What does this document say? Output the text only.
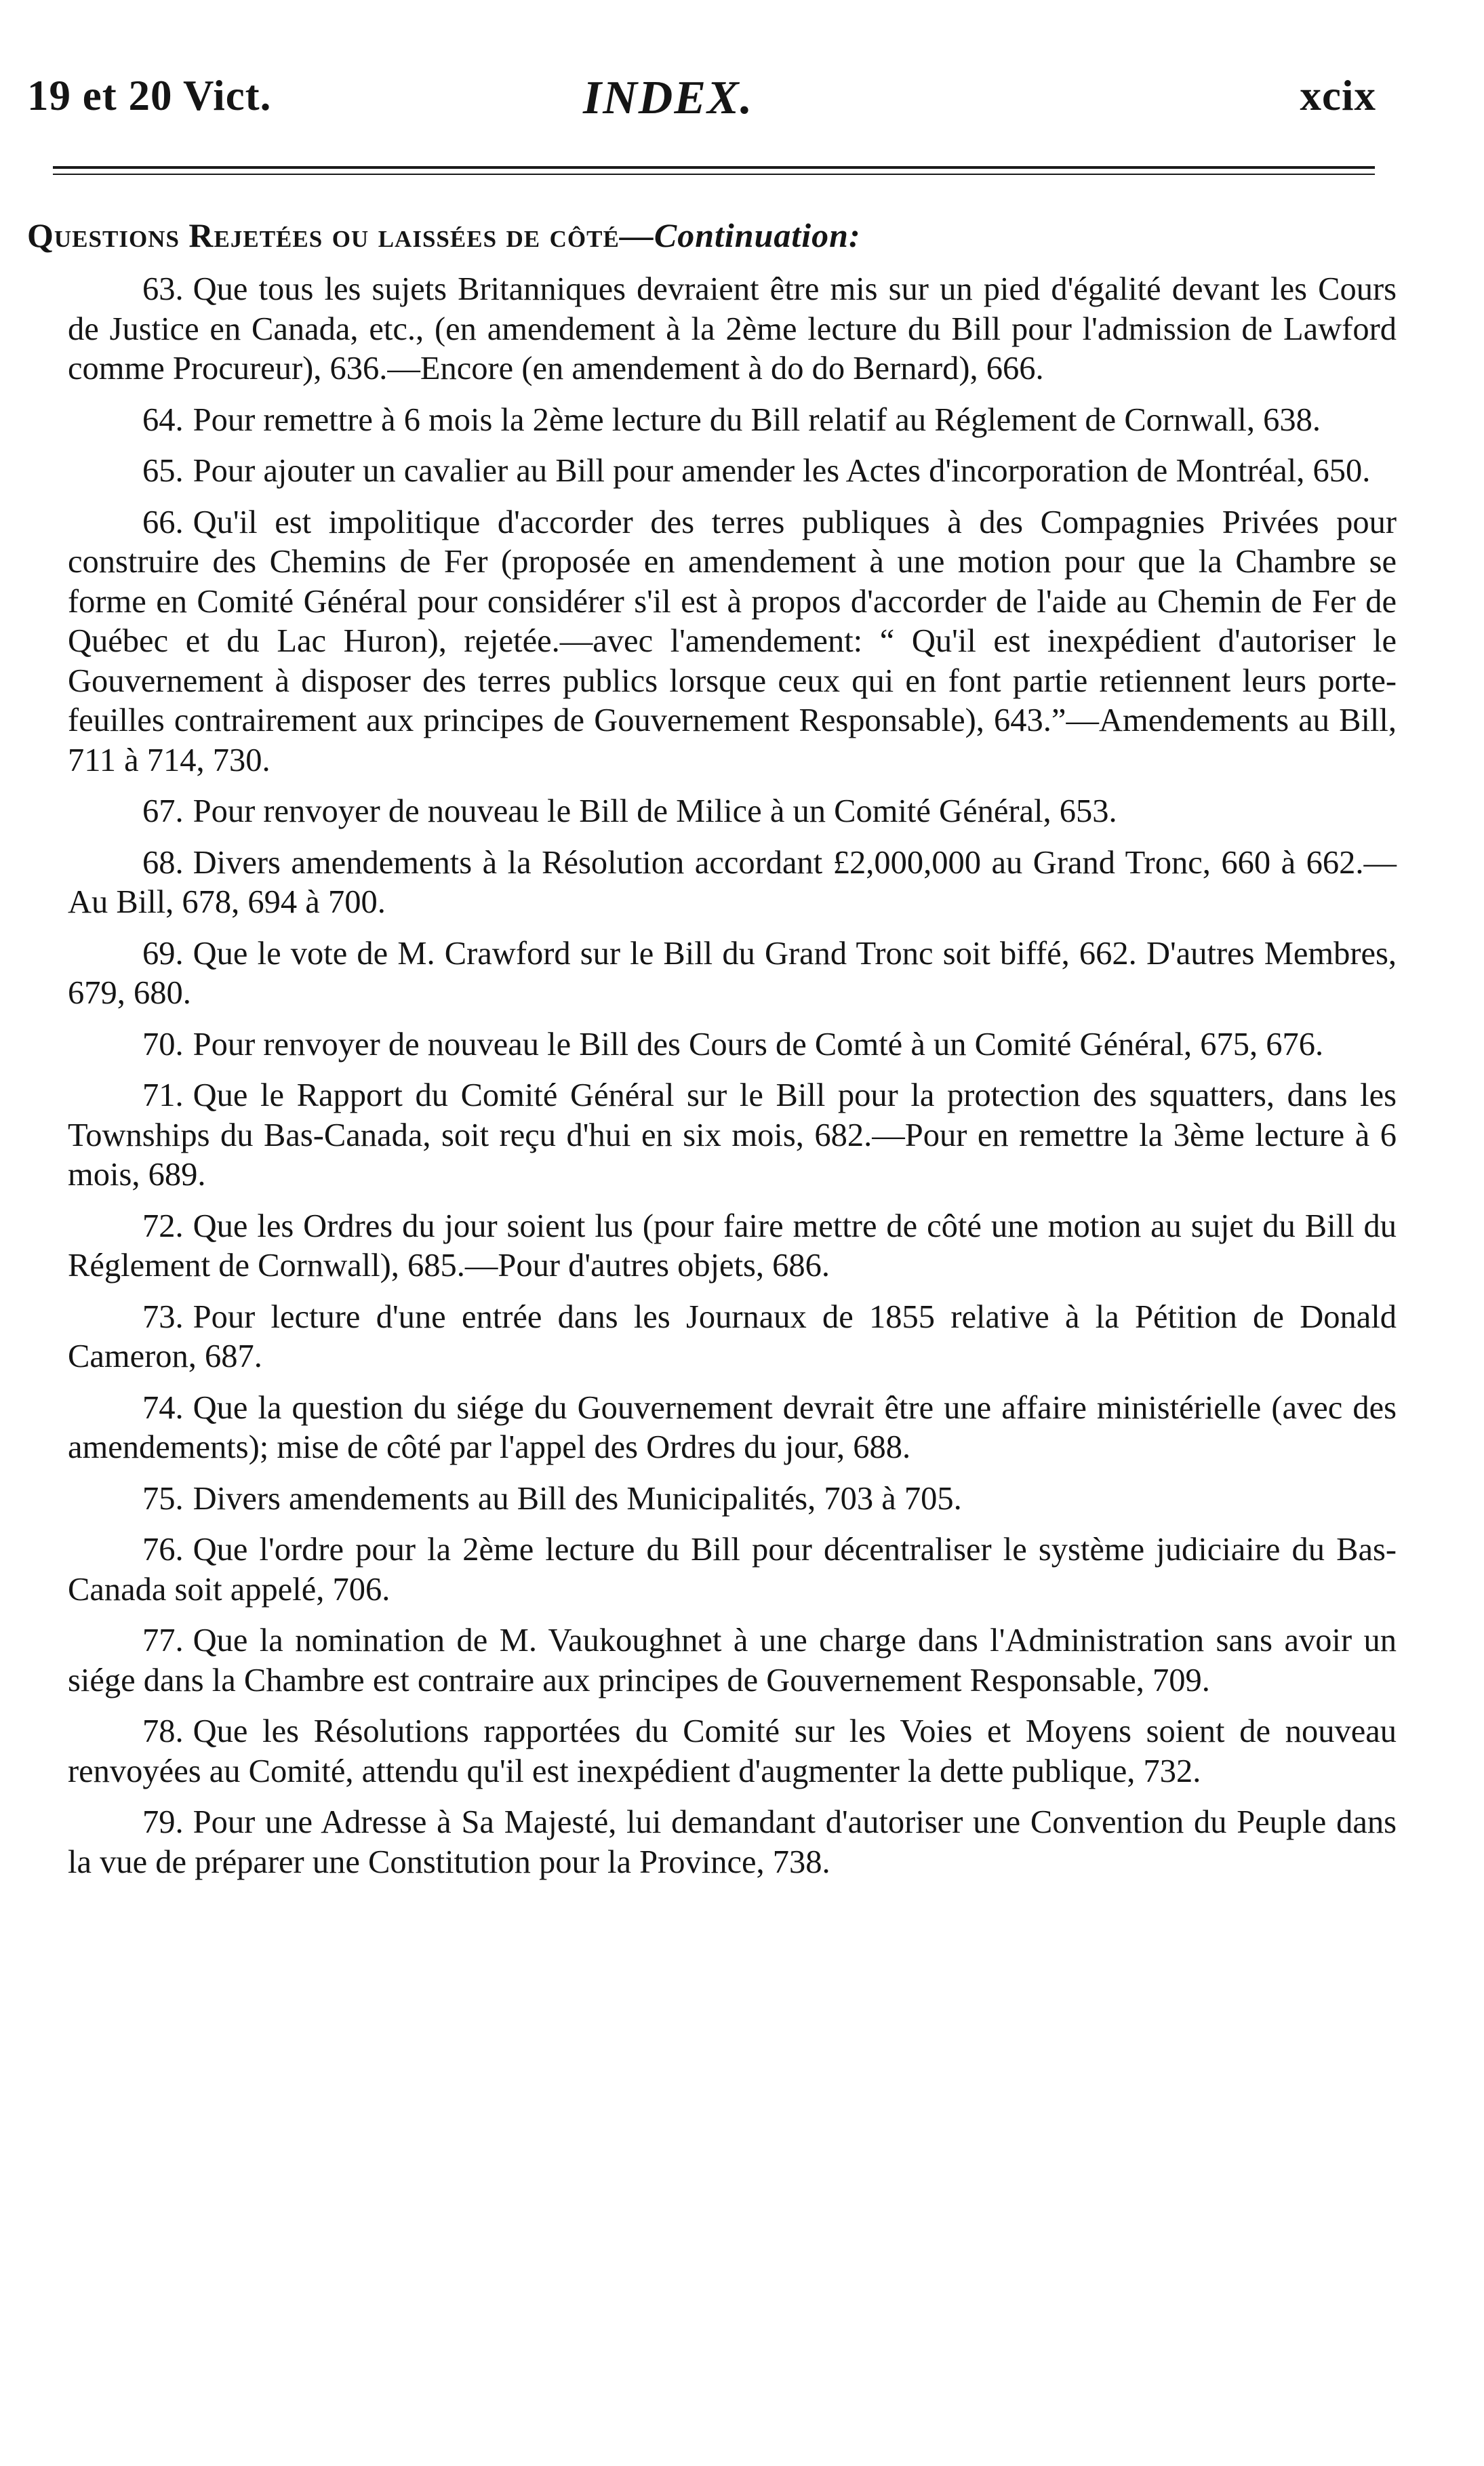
19 et 20 Vict.	INDEX.	xcix
Questions Rejetées ou laissées de côté—Continuation:
63. Que tous les sujets Britanniques devraient être mis sur un pied d'égalité devant les Cours de Justice en Canada, etc., (en amendement à la 2ème lecture du Bill pour l'admission de Lawford comme Procureur), 636.—Encore (en amendement à do do Bernard), 666.
64. Pour remettre à 6 mois la 2ème lecture du Bill relatif au Réglement de Cornwall, 638.
65. Pour ajouter un cavalier au Bill pour amender les Actes d'incorporation de Montréal, 650.
66. Qu'il est impolitique d'accorder des terres publiques à des Compagnies Privées pour construire des Chemins de Fer (proposée en amendement à une motion pour que la Chambre se forme en Comité Général pour considérer s'il est à propos d'accorder de l'aide au Chemin de Fer de Québec et du Lac Huron), rejetée.—avec l'amendement: “ Qu'il est inexpédient d'autoriser le Gouvernement à disposer des terres publics lorsque ceux qui en font partie retiennent leurs porte-feuilles contrairement aux principes de Gouvernement Responsable), 643.”—Amendements au Bill, 711 à 714, 730.
67. Pour renvoyer de nouveau le Bill de Milice à un Comité Général, 653.
68. Divers amendements à la Résolution accordant £2,000,000 au Grand Tronc, 660 à 662.—Au Bill, 678, 694 à 700.
69. Que le vote de M. Crawford sur le Bill du Grand Tronc soit biffé, 662. D'autres Membres, 679, 680.
70. Pour renvoyer de nouveau le Bill des Cours de Comté à un Comité Général, 675, 676.
71. Que le Rapport du Comité Général sur le Bill pour la protection des squatters, dans les Townships du Bas-Canada, soit reçu d'hui en six mois, 682.—Pour en remettre la 3ème lecture à 6 mois, 689.
72. Que les Ordres du jour soient lus (pour faire mettre de côté une motion au sujet du Bill du Réglement de Cornwall), 685.—Pour d'autres objets, 686.
73. Pour lecture d'une entrée dans les Journaux de 1855 relative à la Pétition de Donald Cameron, 687.
74. Que la question du siége du Gouvernement devrait être une affaire ministérielle (avec des amendements); mise de côté par l'appel des Ordres du jour, 688.
75. Divers amendements au Bill des Municipalités, 703 à 705.
76. Que l'ordre pour la 2ème lecture du Bill pour décentraliser le système judiciaire du Bas-Canada soit appelé, 706.
77. Que la nomination de M. Vaukoughnet à une charge dans l'Administration sans avoir un siége dans la Chambre est contraire aux principes de Gouvernement Responsable, 709.
78. Que les Résolutions rapportées du Comité sur les Voies et Moyens soient de nouveau renvoyées au Comité, attendu qu'il est inexpédient d'augmenter la dette publique, 732.
79. Pour une Adresse à Sa Majesté, lui demandant d'autoriser une Convention du Peuple dans la vue de préparer une Constitution pour la Province, 738.
